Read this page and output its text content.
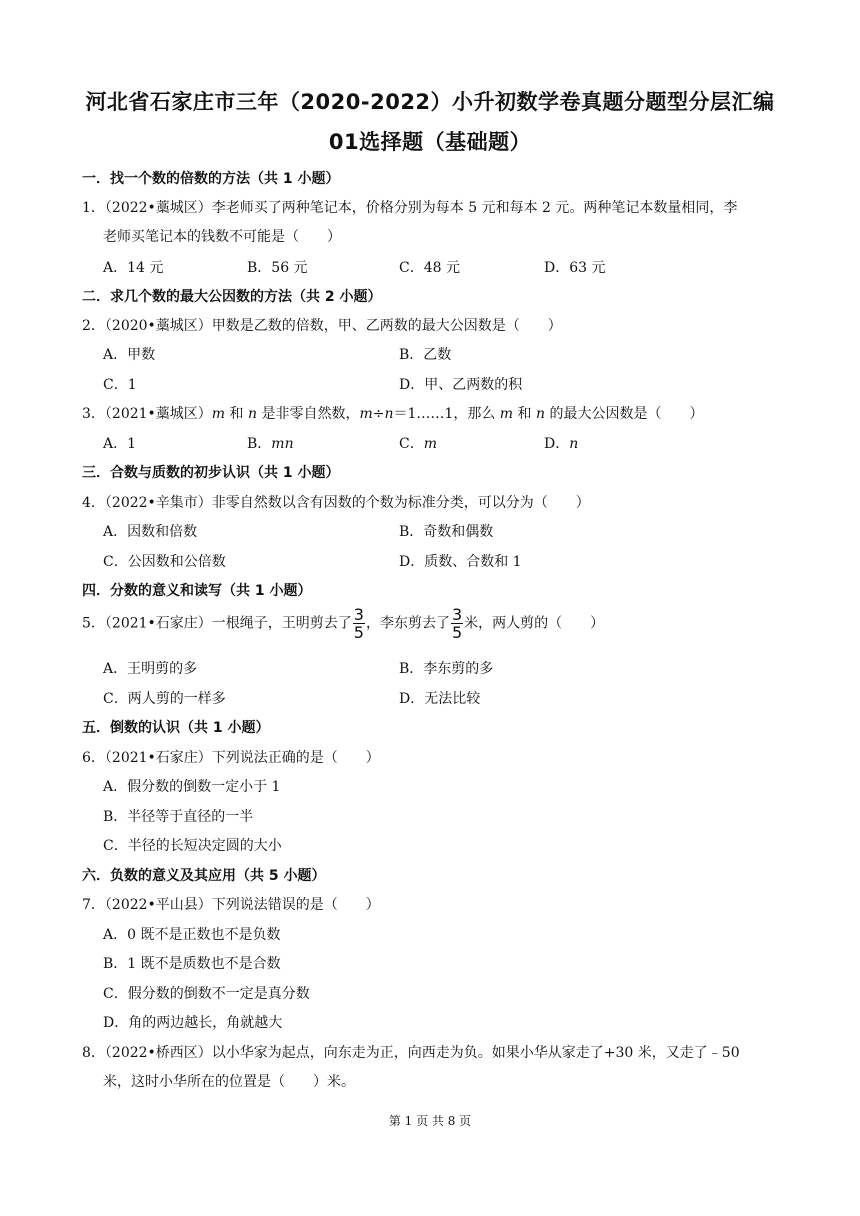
河北省石家庄市三年（2020-2022）小升初数学卷真题分题型分层汇编
01选择题（基础题）
一．找一个数的倍数的方法（共 1 小题）
1．（2022•藁城区）李老师买了两种笔记本，价格分别为每本 5 元和每本 2 元。两种笔记本数量相同，李
老师买笔记本的钱数不可能是（　　）
A．14 元	B．56 元	C．48 元	D．63 元
二．求几个数的最大公因数的方法（共 2 小题）
2．（2020•藁城区）甲数是乙数的倍数，甲、乙两数的最大公因数是（　　）
A．甲数	B．乙数
C．1	D．甲、乙两数的积
3．（2021•藁城区）m 和 n 是非零自然数，m÷n＝1……1，那么 m 和 n 的最大公因数是（　　）
A．1	B．mn	C．m	D．n
三．合数与质数的初步认识（共 1 小题）
4．（2022•辛集市）非零自然数以含有因数的个数为标准分类，可以分为（　　）
A．因数和倍数	B．奇数和偶数
C．公因数和公倍数	D．质数、合数和 1
四．分数的意义和读写（共 1 小题）
5．（2021•石家庄）一根绳子，王明剪去了 $\frac{3}{5}$ ，李东剪去了 $\frac{3}{5}$ 米，两人剪的（　　）
A．王明剪的多	B．李东剪的多
C．两人剪的一样多	D．无法比较
五．倒数的认识（共 1 小题）
6．（2021•石家庄）下列说法正确的是（　　）
A．假分数的倒数一定小于 1
B．半径等于直径的一半
C．半径的长短决定圆的大小
六．负数的意义及其应用（共 5 小题）
7．（2022•平山县）下列说法错误的是（　　）
A．0 既不是正数也不是负数
B．1 既不是质数也不是合数
C．假分数的倒数不一定是真分数
D．角的两边越长，角就越大
8．（2022•桥西区）以小华家为起点，向东走为正，向西走为负。如果小华从家走了+30 米，又走了﹣50
米，这时小华所在的位置是（　　）米。
第 1 页 共 8 页
